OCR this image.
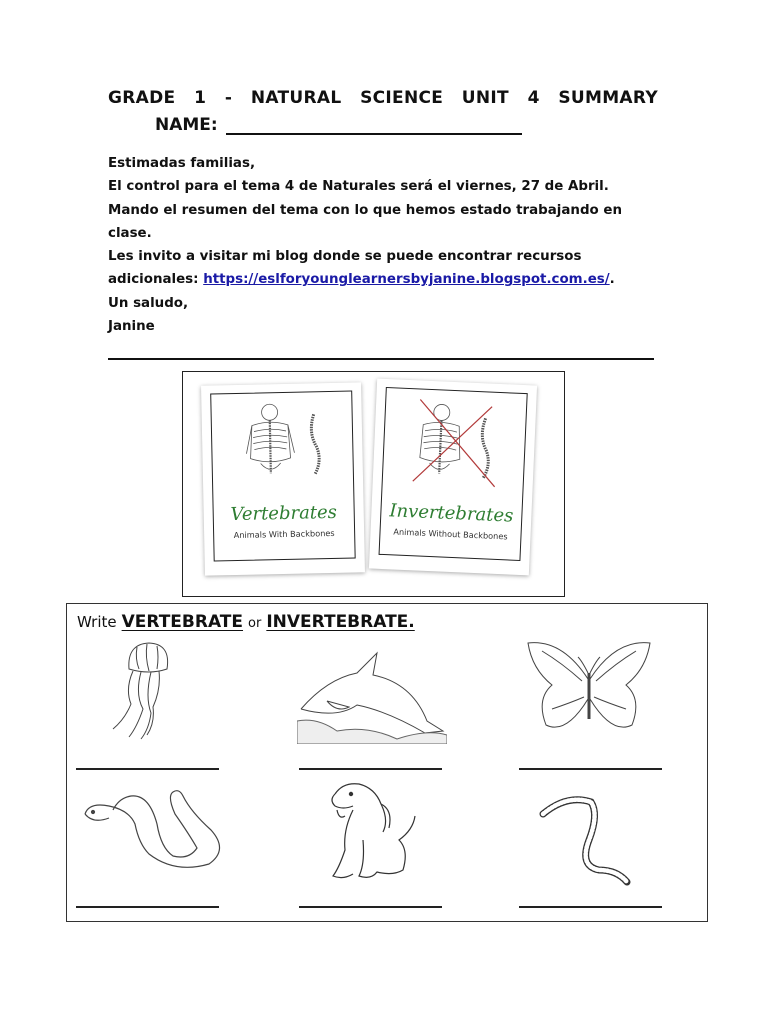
GRADE 1 - NATURAL SCIENCE UNIT 4 SUMMARY
NAME:
Estimadas familias,
El control para el tema 4 de Naturales será el viernes, 27 de Abril.
Mando el resumen del tema con lo que hemos estado trabajando en clase.
Les invito a visitar mi blog donde se puede encontrar recursos adicionales: https://eslforyounglearnersbyjanine.blogspot.com.es/.
Un saludo,
Janine
Vertebrates
Animals With Backbones
Invertebrates
Animals Without Backbones
Write VERTEBRATE or INVERTEBRATE.
